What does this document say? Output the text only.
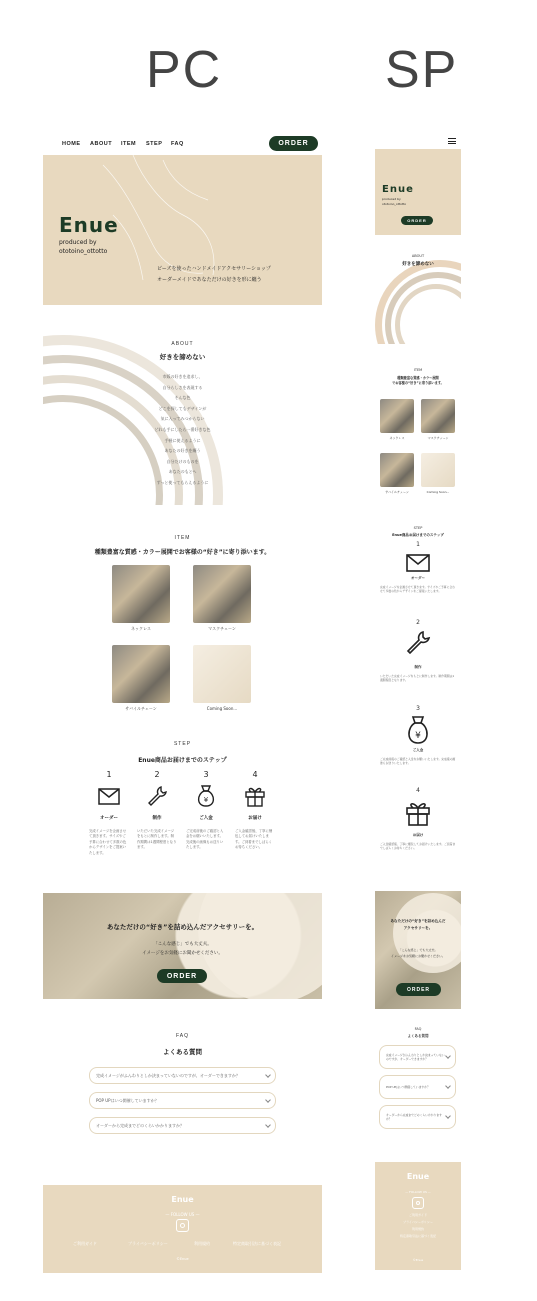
PC	SP
HOME ABOUT ITEM STEP FAQ	ORDER
Enue
produced by
ototoino_ottotto
ビーズを使ったハンドメイドアクセサリーショップ
オーダーメイドであなただけの好きを形に纏う
ABOUT
好きを諦めない
市販の好きを追求し、
自分らしさを表現する
そんな色
どこを探してもデザインが
気に入ってみつからない
どれも手にしたら一番好きな色
手軽に使えるように
あなたの好きを纏う
自分だけのものを
あなたのもとへ
ずっと使ってもらえるように
ITEM
種類豊富な質感・カラー展開でお客様の“好き”に寄り添います。
ネックレス	マスクチェーン
サバイルチェーン	Coming Soon...
STEP
Enue商品お届けまでのステップ
1
オーダー
完成イメージを企画させて頂きます。サイズやご予算に合わせて多数の色からデザインをご提案いたします。
2
制作
いただいた完成イメージをもとに制作します。制作期間は1週間程度となります。
3
¥
ご入金
ご完成前後のご確認と入金をお願いいたします。完成後の画像もお送りいたします。
4
お届け
ご入金確認後、丁寧に梱包してお届けいたします。ご到着までしばらくお待ちください。
あなただけの“好き”を詰め込んだアクセサリーを。
「こんな感じ」でも大丈夫。
イメージをお気軽にお聞かせください。
ORDER
FAQ
よくある質問
完成イメージがふんわりとしか決まっていないのですが、オーダーできますか？
POP UPはいつ開催していますか？
オーダーから完成までどのくらいかかりますか？
Enue
— FOLLOW US —
ご利用ガイド	プライバシーポリシー	利用規約	特定商取引法に基づく表記
©Enue
Enue
produced by
ototoino_ottotto
ORDER
ABOUT
好きを諦めない
ITEM
種類豊富な質感・カラー展開
でお客様の“好き”に寄り添います。
ネックレス	マスクチェーン
サバイルチェーン	Coming Soon...
STEP
Enue商品お届けまでのステップ
1
オーダー
完成イメージを企画させて頂きます。サイズやご予算に合わせて多数の色からデザインをご提案いたします。
2
制作
いただいた完成イメージをもとに制作します。制作期間は1週間程度となります。
3
¥
ご入金
ご完成前後のご確認と入金をお願いいたします。完成後の画像もお送りいたします。
4
お届け
ご入金確認後、丁寧に梱包してお届けいたします。ご到着までしばらくお待ちください。
あなただけの“好き”を詰め込んだ
アクセサリーを。
「こんな感じ」でも大丈夫。
イメージをお気軽にお聞かせください。
ORDER
FAQ
よくある質問
完成イメージがふんわりとしか決まっていないのですが、オーダーできますか？
POP UPはいつ開催していますか？
オーダーから完成までどのくらいかかりますか？
Enue
— FOLLOW US —
ご利用ガイド
プライバシーポリシー
利用規約
特定商取引法に基づく表記
©Enue
